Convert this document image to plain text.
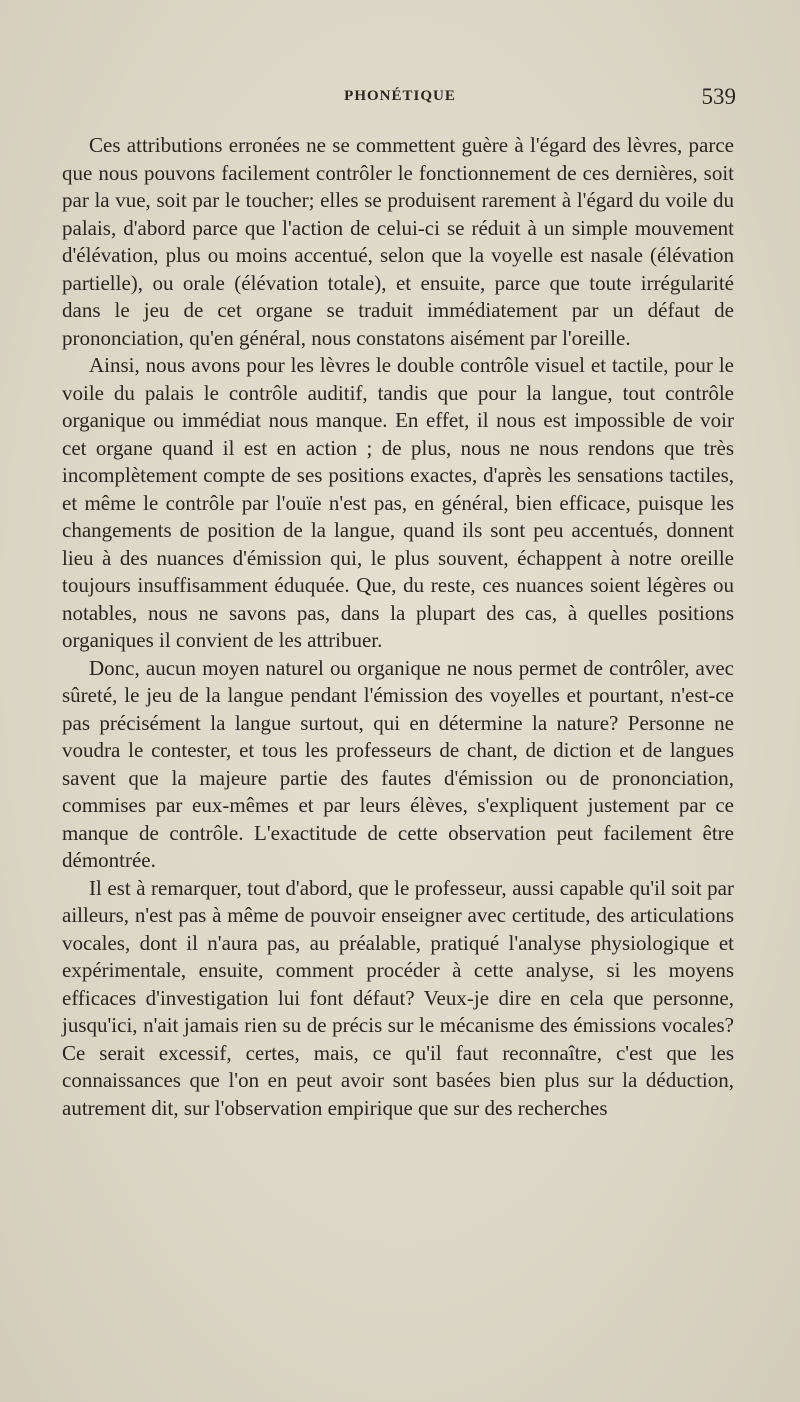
PHONÉTIQUE	539

Ces attributions erronées ne se commettent guère à l'égard des lèvres, parce que nous pouvons facilement contrôler le fonctionnement de ces dernières, soit par la vue, soit par le toucher; elles se produisent rarement à l'égard du voile du palais, d'abord parce que l'action de celui-ci se réduit à un simple mouvement d'élévation, plus ou moins accentué, selon que la voyelle est nasale (élévation partielle), ou orale (élévation totale), et ensuite, parce que toute irrégularité dans le jeu de cet organe se traduit immédiatement par un défaut de prononciation, qu'en général, nous constatons aisément par l'oreille.

Ainsi, nous avons pour les lèvres le double contrôle visuel et tactile, pour le voile du palais le contrôle auditif, tandis que pour la langue, tout contrôle organique ou immédiat nous manque. En effet, il nous est impossible de voir cet organe quand il est en action ; de plus, nous ne nous rendons que très incomplètement compte de ses positions exactes, d'après les sensations tactiles, et même le contrôle par l'ouïe n'est pas, en général, bien efficace, puisque les changements de position de la langue, quand ils sont peu accentués, donnent lieu à des nuances d'émission qui, le plus souvent, échappent à notre oreille toujours insuffisamment éduquée. Que, du reste, ces nuances soient légères ou notables, nous ne savons pas, dans la plupart des cas, à quelles positions organiques il convient de les attribuer.

Donc, aucun moyen naturel ou organique ne nous permet de contrôler, avec sûreté, le jeu de la langue pendant l'émission des voyelles et pourtant, n'est-ce pas précisément la langue surtout, qui en détermine la nature? Personne ne voudra le contester, et tous les professeurs de chant, de diction et de langues savent que la majeure partie des fautes d'émission ou de prononciation, commises par eux-mêmes et par leurs élèves, s'expliquent justement par ce manque de contrôle. L'exactitude de cette observation peut facilement être démontrée.

Il est à remarquer, tout d'abord, que le professeur, aussi capable qu'il soit par ailleurs, n'est pas à même de pouvoir enseigner avec certitude, des articulations vocales, dont il n'aura pas, au préalable, pratiqué l'analyse physiologique et expérimentale, ensuite, comment procéder à cette analyse, si les moyens efficaces d'investigation lui font défaut? Veux-je dire en cela que personne, jusqu'ici, n'ait jamais rien su de précis sur le mécanisme des émissions vocales? Ce serait excessif, certes, mais, ce qu'il faut reconnaître, c'est que les connaissances que l'on en peut avoir sont basées bien plus sur la déduction, autrement dit, sur l'observation empirique que sur des recherches
